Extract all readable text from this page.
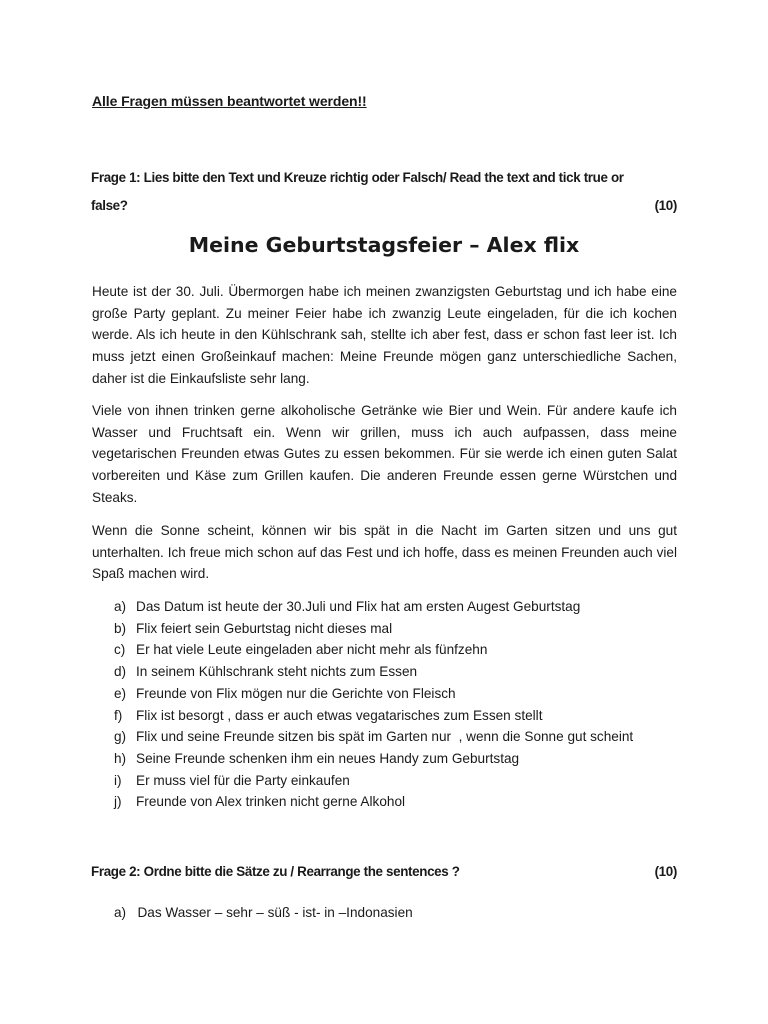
Alle Fragen müssen beantwortet werden!!
Frage 1: Lies bitte den Text und Kreuze richtig oder Falsch/ Read the text and tick true or
false?	(10)
Meine Geburtstagsfeier – Alex flix

Heute ist der 30. Juli. Übermorgen habe ich meinen zwanzigsten Geburtstag und ich habe eine große Party geplant. Zu meiner Feier habe ich zwanzig Leute eingeladen, für die ich kochen werde. Als ich heute in den Kühlschrank sah, stellte ich aber fest, dass er schon fast leer ist. Ich muss jetzt einen Großeinkauf machen: Meine Freunde mögen ganz unterschiedliche Sachen, daher ist die Einkaufsliste sehr lang.

Viele von ihnen trinken gerne alkoholische Getränke wie Bier und Wein. Für andere kaufe ich Wasser und Fruchtsaft ein. Wenn wir grillen, muss ich auch aufpassen, dass meine vegetarischen Freunden etwas Gutes zu essen bekommen. Für sie werde ich einen guten Salat vorbereiten und Käse zum Grillen kaufen. Die anderen Freunde essen gerne Würstchen und Steaks.

Wenn die Sonne scheint, können wir bis spät in die Nacht im Garten sitzen und uns gut unterhalten. Ich freue mich schon auf das Fest und ich hoffe, dass es meinen Freunden auch viel Spaß machen wird.

a) Das Datum ist heute der 30.Juli und Flix hat am ersten Augest Geburtstag
b) Flix feiert sein Geburtstag nicht dieses mal
c) Er hat viele Leute eingeladen aber nicht mehr als fünfzehn
d) In seinem Kühlschrank steht nichts zum Essen
e) Freunde von Flix mögen nur die Gerichte von Fleisch
f)	Flix ist besorgt , dass er auch etwas vegatarisches zum Essen stellt
g) Flix und seine Freunde sitzen bis spät im Garten nur  , wenn die Sonne gut scheint
h) Seine Freunde schenken ihm ein neues Handy zum Geburtstag
i)	Er muss viel für die Party einkaufen
j)	Freunde von Alex trinken nicht gerne Alkohol
Frage 2: Ordne bitte die Sätze zu / Rearrange the sentences ?	(10)
a) Das Wasser – sehr – süß - ist- in –Indonasien
